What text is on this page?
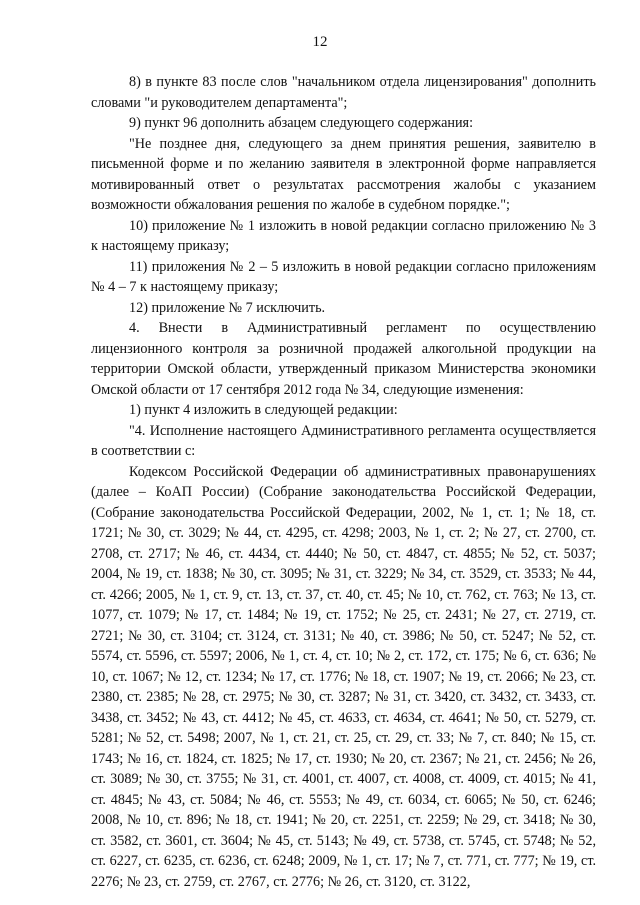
12

8) в пункте 83 после слов "начальником отдела лицензирования" дополнить словами "и руководителем департамента";

9) пункт 96 дополнить абзацем следующего содержания:

"Не позднее дня, следующего за днем принятия решения, заявителю в письменной форме и по желанию заявителя в электронной форме направляется мотивированный ответ о результатах рассмотрения жалобы с указанием возможности обжалования решения по жалобе в судебном порядке.";

10) приложение № 1 изложить в новой редакции согласно приложению № 3 к настоящему приказу;

11) приложения № 2 – 5 изложить в новой редакции согласно приложениям № 4 – 7 к настоящему приказу;

12) приложение № 7 исключить.

4. Внести в Административный регламент по осуществлению лицензионного контроля за розничной продажей алкогольной продукции на территории Омской области, утвержденный приказом Министерства экономики Омской области от 17 сентября 2012 года № 34, следующие изменения:

1) пункт 4 изложить в следующей редакции:

"4. Исполнение настоящего Административного регламента осуществляется в соответствии с:

Кодексом Российской Федерации об административных правонарушениях (далее – КоАП России) (Собрание законодательства Российской Федерации, (Собрание законодательства Российской Федерации, 2002, № 1, ст. 1; № 18, ст. 1721; № 30, ст. 3029; № 44, ст. 4295, ст. 4298; 2003, № 1, ст. 2; № 27, ст. 2700, ст. 2708, ст. 2717; № 46, ст. 4434, ст. 4440; № 50, ст. 4847, ст. 4855; № 52, ст. 5037; 2004, № 19, ст. 1838; № 30, ст. 3095; № 31, ст. 3229; № 34, ст. 3529, ст. 3533; № 44, ст. 4266; 2005, № 1, ст. 9, ст. 13, ст. 37, ст. 40, ст. 45; № 10, ст. 762, ст. 763; № 13, ст. 1077, ст. 1079; № 17, ст. 1484; № 19, ст. 1752; № 25, ст. 2431; № 27, ст. 2719, ст. 2721; № 30, ст. 3104; ст. 3124, ст. 3131; № 40, ст. 3986; № 50, ст. 5247; № 52, ст. 5574, ст. 5596, ст. 5597; 2006, № 1, ст. 4, ст. 10; № 2, ст. 172, ст. 175; № 6, ст. 636; № 10, ст. 1067; № 12, ст. 1234; № 17, ст. 1776; № 18, ст. 1907; № 19, ст. 2066; № 23, ст. 2380, ст. 2385; № 28, ст. 2975; № 30, ст. 3287; № 31, ст. 3420, ст. 3432, ст. 3433, ст. 3438, ст. 3452; № 43, ст. 4412; № 45, ст. 4633, ст. 4634, ст. 4641; № 50, ст. 5279, ст. 5281; № 52, ст. 5498; 2007, № 1, ст. 21, ст. 25, ст. 29, ст. 33; № 7, ст. 840; № 15, ст. 1743; № 16, ст. 1824, ст. 1825; № 17, ст. 1930; № 20, ст. 2367; № 21, ст. 2456; № 26, ст. 3089; № 30, ст. 3755; № 31, ст. 4001, ст. 4007, ст. 4008, ст. 4009, ст. 4015; № 41, ст. 4845; № 43, ст. 5084; № 46, ст. 5553; № 49, ст. 6034, ст. 6065; № 50, ст. 6246; 2008, № 10, ст. 896; № 18, ст. 1941; № 20, ст. 2251, ст. 2259; № 29, ст. 3418; № 30, ст. 3582, ст. 3601, ст. 3604; № 45, ст. 5143; № 49, ст. 5738, ст. 5745, ст. 5748; № 52, ст. 6227, ст. 6235, ст. 6236, ст. 6248; 2009, № 1, ст. 17; № 7, ст. 771, ст. 777; № 19, ст. 2276; № 23, ст. 2759, ст. 2767, ст. 2776; № 26, ст. 3120, ст. 3122,
